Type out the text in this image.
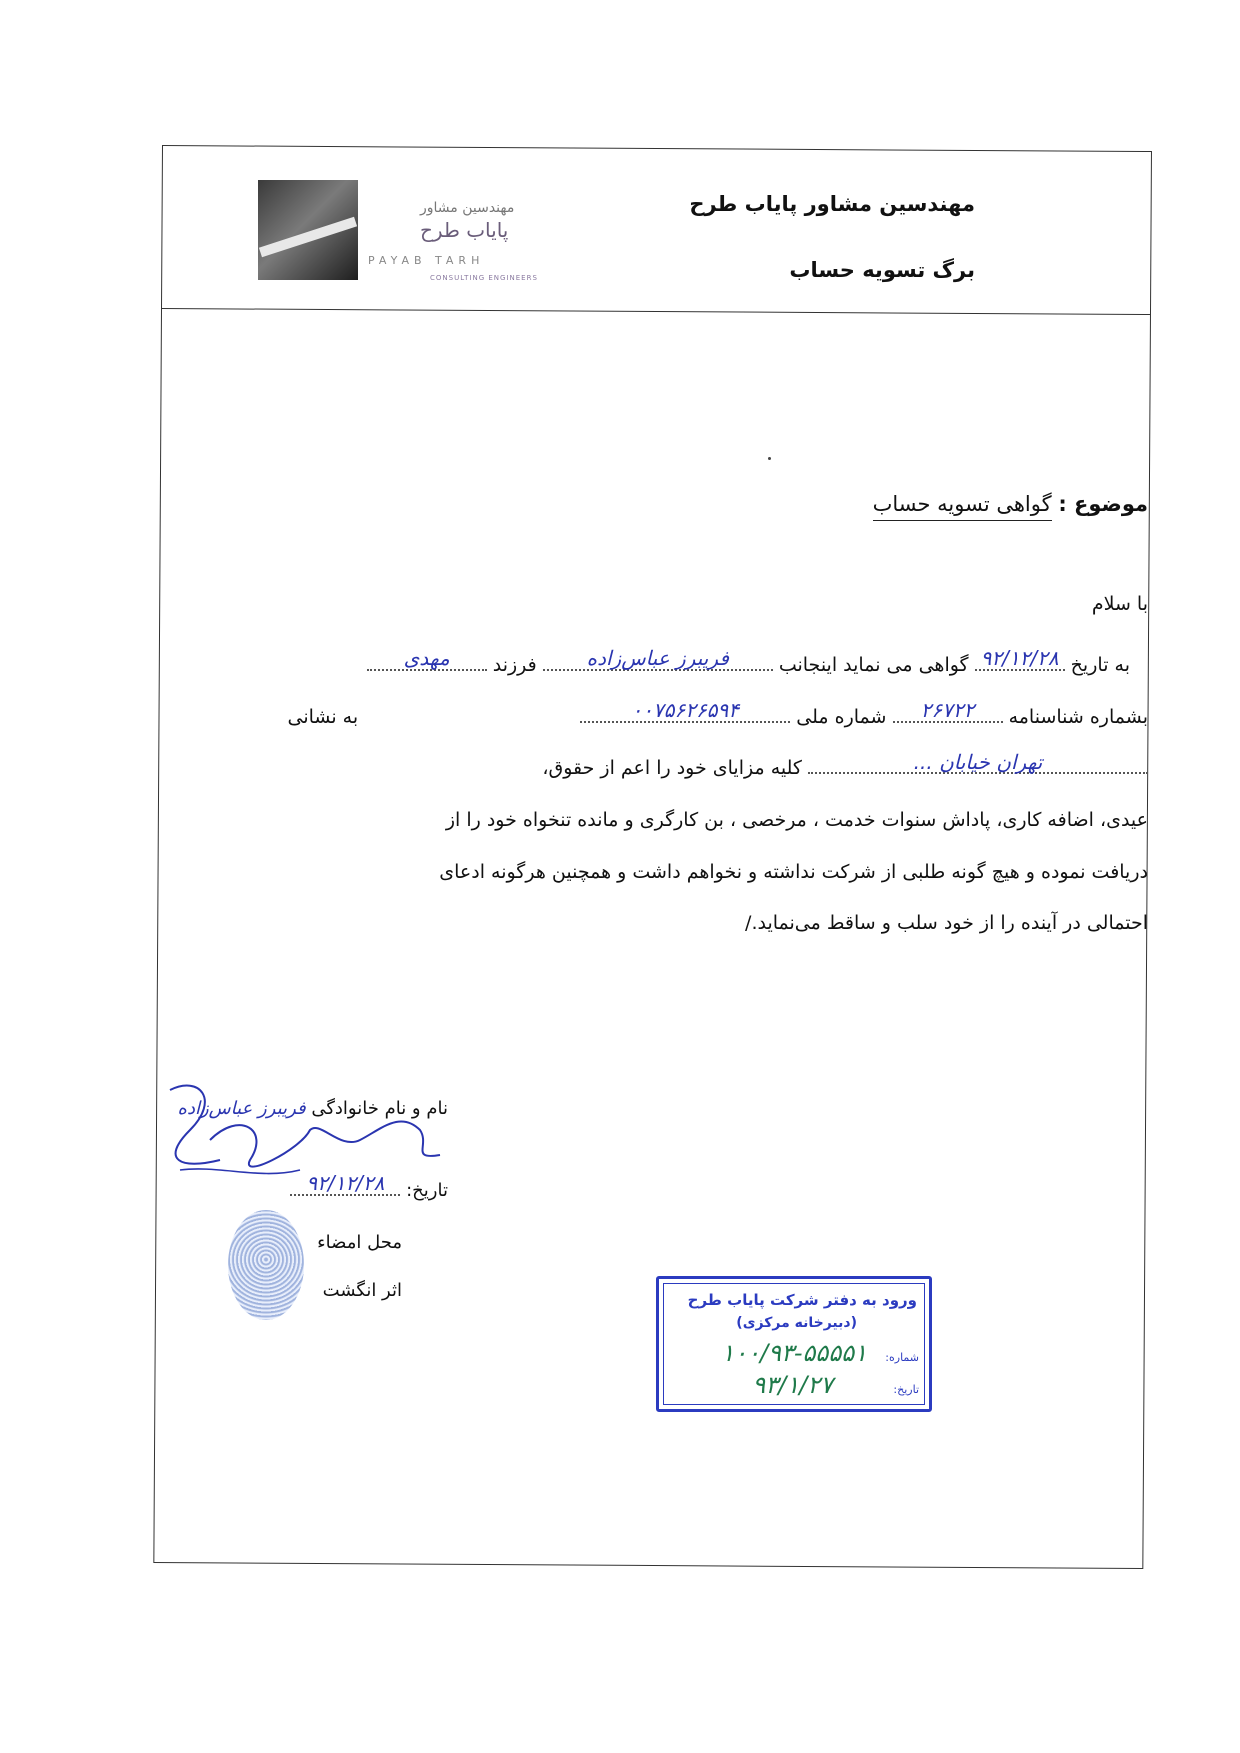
مهندسین مشاور پایاب طرح
برگ تسویه حساب
مهندسین مشاور
پایاب طرح
PAYAB TARH
CONSULTING ENGINEERS
موضوع : گواهی تسویه حساب
با سلام
به تاریخ
۹۲/۱۲/۲۸
گواهی می نماید اینجانب
فریبرز عباس‌زاده
فرزند
مهدی
بشماره شناسنامه
۲۶۷۲۲
شماره ملی
۰۰۷۵۶۲۶۵۹۴
به نشانی
تهران خیابان ...
کلیه مزایای خود را اعم از حقوق،
عیدی، اضافه کاری، پاداش سنوات خدمت ، مرخصی ، بن کارگری و مانده تنخواه خود را از
دریافت نموده و هیچ گونه طلبی از شرکت نداشته و نخواهم داشت و همچنین هرگونه ادعای
احتمالی در آینده را از خود سلب و ساقط می‌نماید./
نام و نام خانوادگی فریبرز عباس‌زاده
تاریخ:
۹۲/۱۲/۲۸
محل امضاء
اثر انگشت	ورود به دفتر شرکت پایاب طرح
(دبیرخانه مرکزی)
شماره:
۱۰۰/۹۳-۵۵۵۵۱
تاریخ:
۹۳/۱/۲۷
